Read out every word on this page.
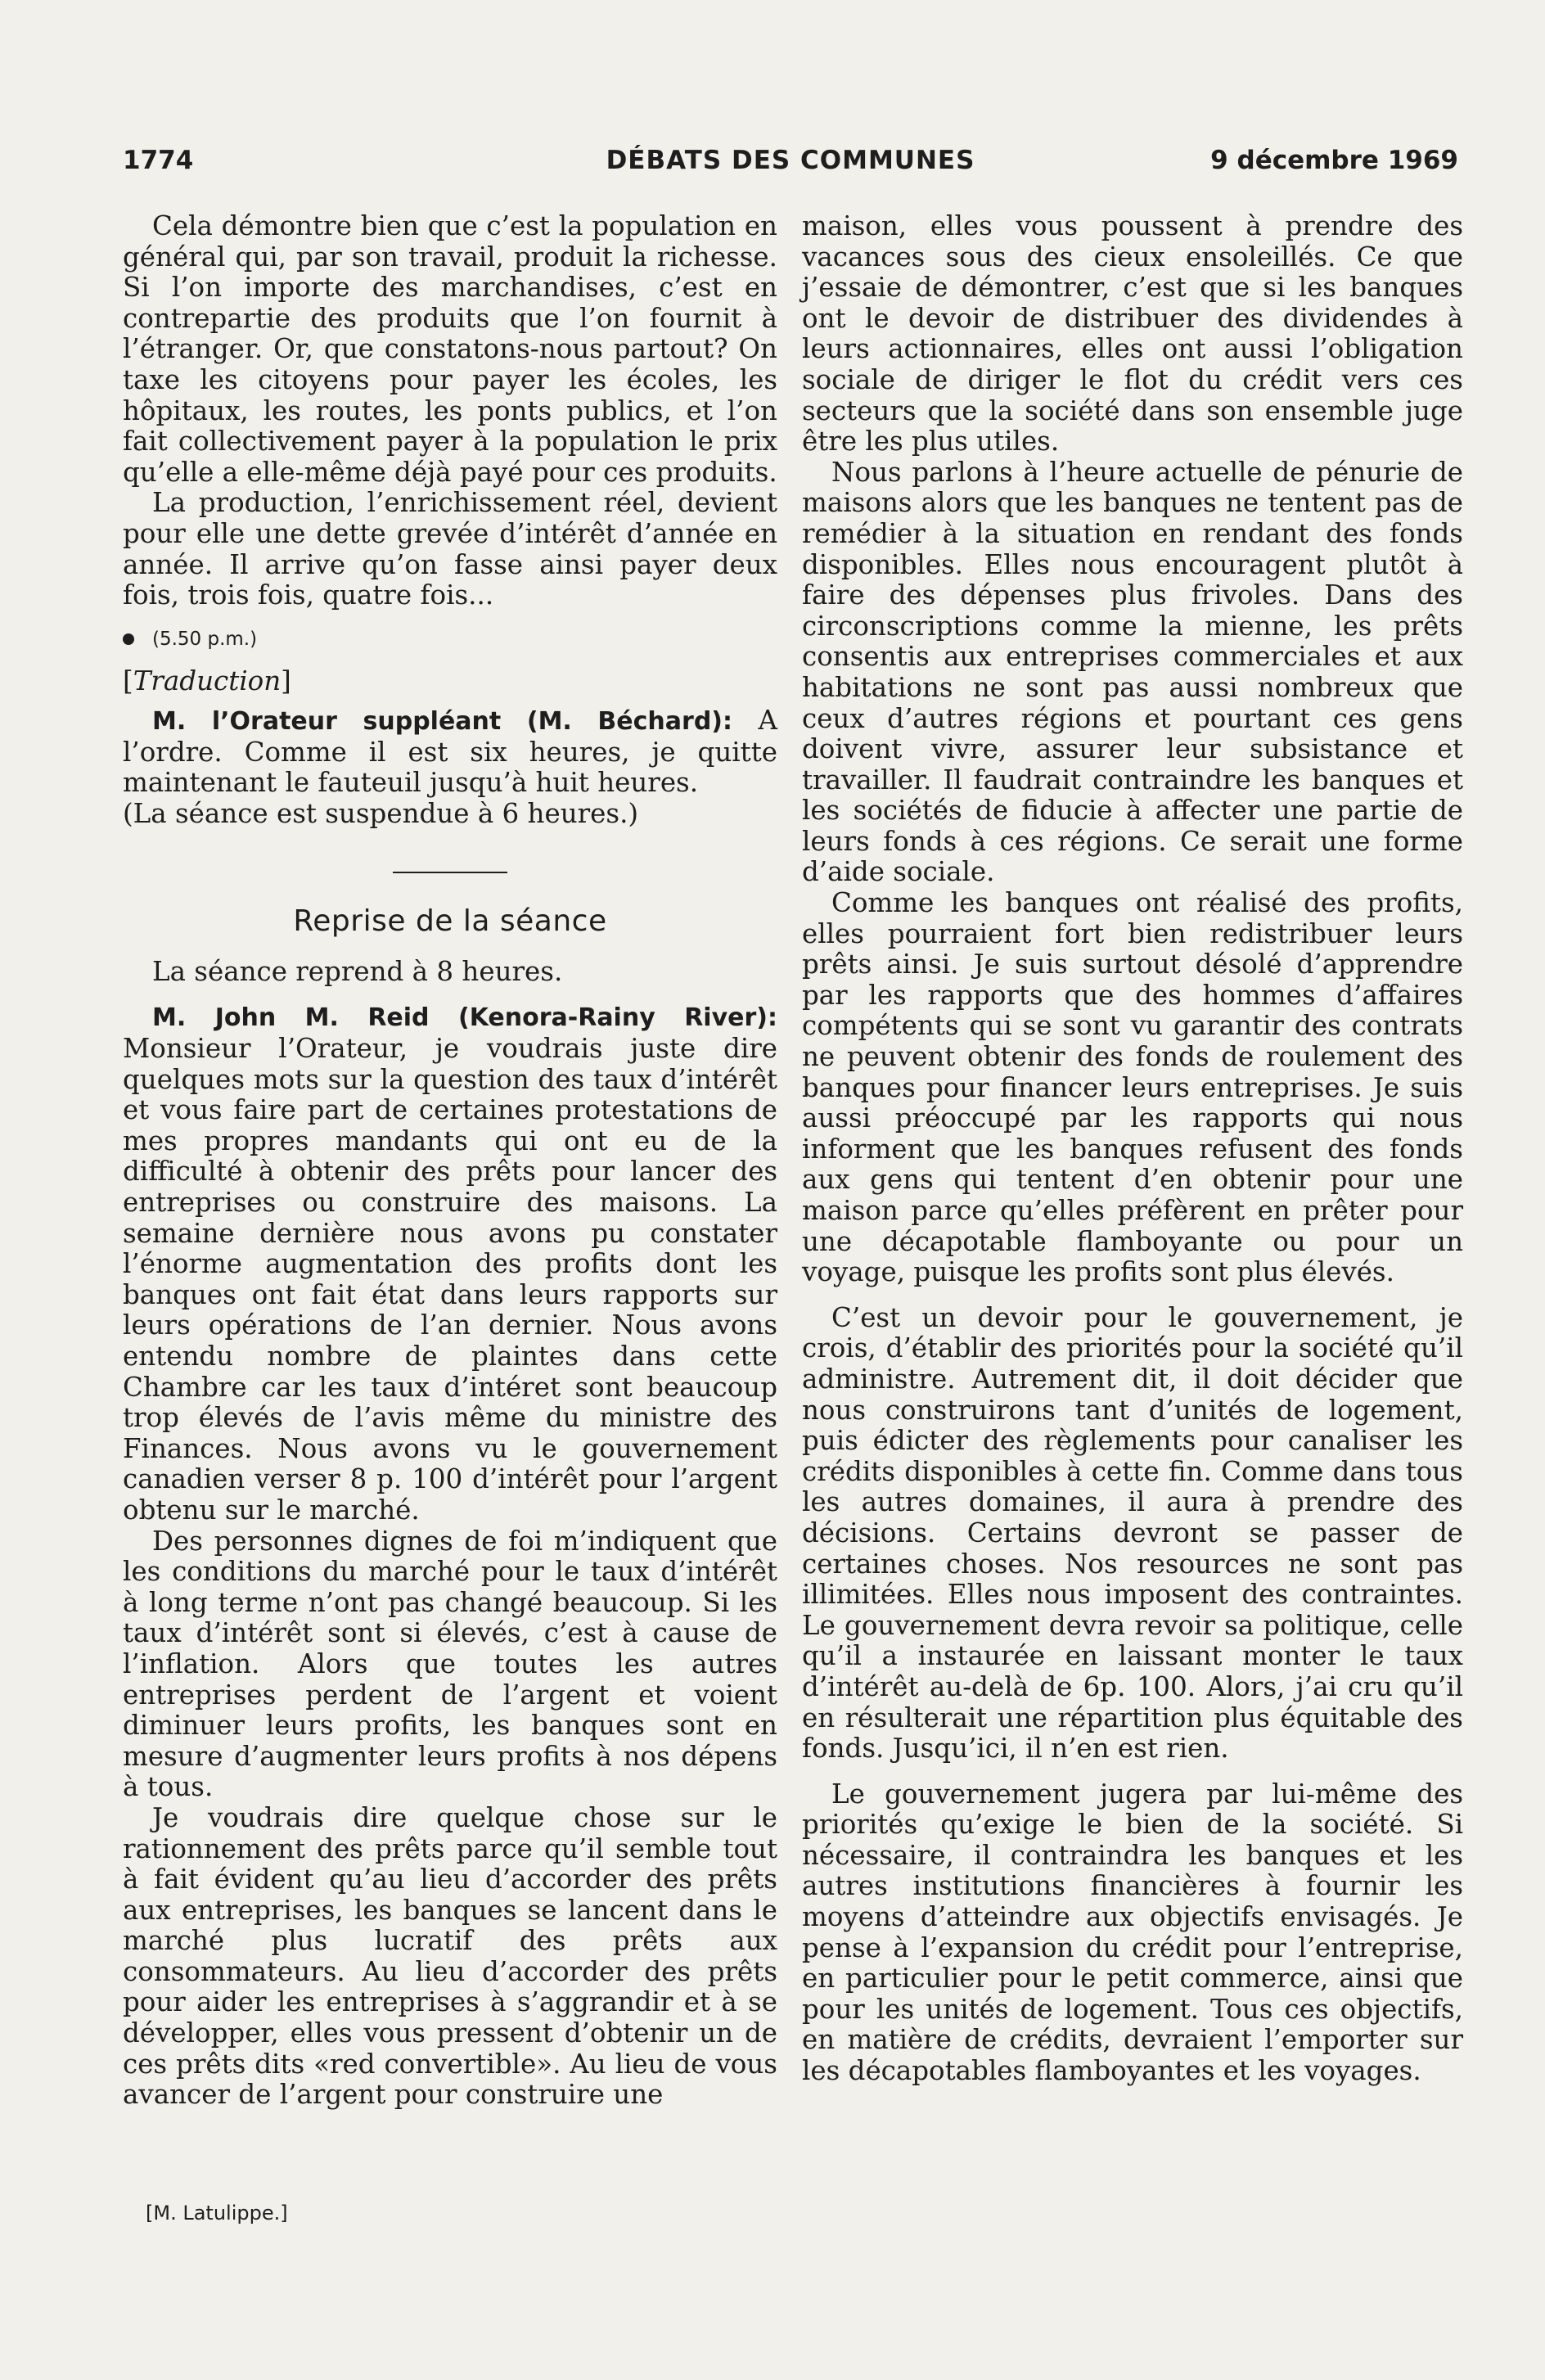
1774	DÉBATS DES COMMUNES	9 décembre 1969

Cela démontre bien que c’est la population en général qui, par son travail, produit la richesse. Si l’on importe des marchandises, c’est en contrepartie des produits que l’on fournit à l’étranger. Or, que constatons-nous partout? On taxe les citoyens pour payer les écoles, les hôpitaux, les routes, les ponts publics, et l’on fait collectivement payer à la population le prix qu’elle a elle-même déjà payé pour ces produits.

La production, l’enrichissement réel, devient pour elle une dette grevée d’intérêt d’année en année. Il arrive qu’on fasse ainsi payer deux fois, trois fois, quatre fois...

(5.50 p.m.)
[Traduction]

M. l’Orateur suppléant (M. Béchard): A l’ordre. Comme il est six heures, je quitte maintenant le fauteuil jusqu’à huit heures.

(La séance est suspendue à 6 heures.)

Reprise de la séance

La séance reprend à 8 heures.

M. John M. Reid (Kenora-Rainy River): Monsieur l’Orateur, je voudrais juste dire quelques mots sur la question des taux d’intérêt et vous faire part de certaines protestations de mes propres mandants qui ont eu de la difficulté à obtenir des prêts pour lancer des entreprises ou construire des maisons. La semaine dernière nous avons pu constater l’énorme augmentation des profits dont les banques ont fait état dans leurs rapports sur leurs opérations de l’an dernier. Nous avons entendu nombre de plaintes dans cette Chambre car les taux d’intéret sont beaucoup trop élevés de l’avis même du ministre des Finances. Nous avons vu le gouvernement canadien verser 8 p. 100 d’intérêt pour l’argent obtenu sur le marché.

Des personnes dignes de foi m’indiquent que les conditions du marché pour le taux d’intérêt à long terme n’ont pas changé beaucoup. Si les taux d’intérêt sont si élevés, c’est à cause de l’inflation. Alors que toutes les autres entreprises perdent de l’argent et voient diminuer leurs profits, les banques sont en mesure d’augmenter leurs profits à nos dépens à tous.

Je voudrais dire quelque chose sur le rationnement des prêts parce qu’il semble tout à fait évident qu’au lieu d’accorder des prêts aux entreprises, les banques se lancent dans le marché plus lucratif des prêts aux consommateurs. Au lieu d’accorder des prêts pour aider les entreprises à s’aggrandir et à se développer, elles vous pressent d’obtenir un de ces prêts dits «red convertible». Au lieu de vous avancer de l’argent pour construire une

maison, elles vous poussent à prendre des vacances sous des cieux ensoleillés. Ce que j’essaie de démontrer, c’est que si les banques ont le devoir de distribuer des dividendes à leurs actionnaires, elles ont aussi l’obligation sociale de diriger le flot du crédit vers ces secteurs que la société dans son ensemble juge être les plus utiles.

Nous parlons à l’heure actuelle de pénurie de maisons alors que les banques ne tentent pas de remédier à la situation en rendant des fonds disponibles. Elles nous encouragent plutôt à faire des dépenses plus frivoles. Dans des circonscriptions comme la mienne, les prêts consentis aux entreprises commerciales et aux habitations ne sont pas aussi nombreux que ceux d’autres régions et pourtant ces gens doivent vivre, assurer leur subsistance et travailler. Il faudrait contraindre les banques et les sociétés de fiducie à affecter une partie de leurs fonds à ces régions. Ce serait une forme d’aide sociale.

Comme les banques ont réalisé des profits, elles pourraient fort bien redistribuer leurs prêts ainsi. Je suis surtout désolé d’apprendre par les rapports que des hommes d’affaires compétents qui se sont vu garantir des contrats ne peuvent obtenir des fonds de roulement des banques pour financer leurs entreprises. Je suis aussi préoccupé par les rapports qui nous informent que les banques refusent des fonds aux gens qui tentent d’en obtenir pour une maison parce qu’elles préfèrent en prêter pour une décapotable flamboyante ou pour un voyage, puisque les profits sont plus élevés.

C’est un devoir pour le gouvernement, je crois, d’établir des priorités pour la société qu’il administre. Autrement dit, il doit décider que nous construirons tant d’unités de logement, puis édicter des règlements pour canaliser les crédits disponibles à cette fin. Comme dans tous les autres domaines, il aura à prendre des décisions. Certains devront se passer de certaines choses. Nos resources ne sont pas illimitées. Elles nous imposent des contraintes. Le gouvernement devra revoir sa politique, celle qu’il a instaurée en laissant monter le taux d’intérêt au-delà de 6p. 100. Alors, j’ai cru qu’il en résulterait une répartition plus équitable des fonds. Jusqu’ici, il n’en est rien.

Le gouvernement jugera par lui-même des priorités qu’exige le bien de la société. Si nécessaire, il contraindra les banques et les autres institutions financières à fournir les moyens d’atteindre aux objectifs envisagés. Je pense à l’expansion du crédit pour l’entreprise, en particulier pour le petit commerce, ainsi que pour les unités de logement. Tous ces objectifs, en matière de crédits, devraient l’emporter sur les décapotables flamboyantes et les voyages.

[M. Latulippe.]
